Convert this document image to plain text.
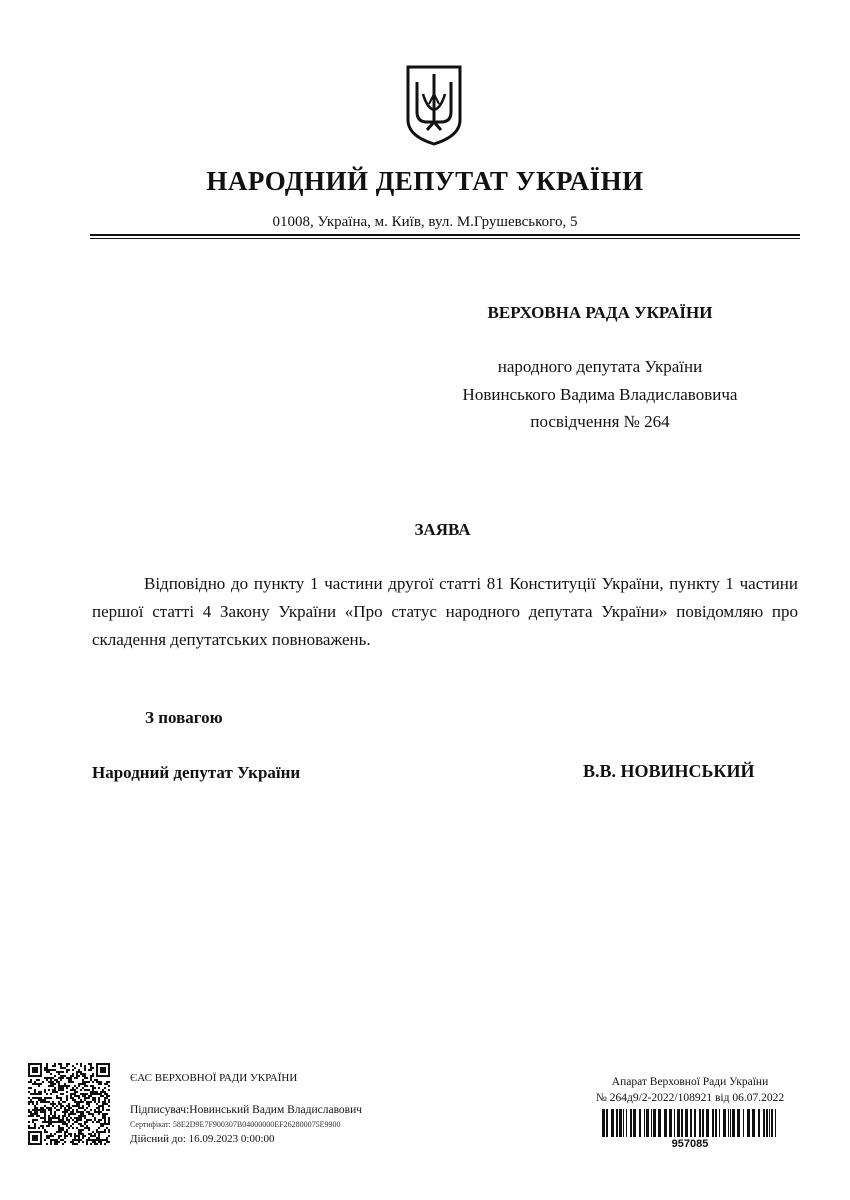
НАРОДНИЙ ДЕПУТАТ УКРАЇНИ
01008, Україна, м. Київ, вул. М.Грушевського, 5
ВЕРХОВНА РАДА УКРАЇНИ
народного депутата України
Новинського Вадима Владиславовича
посвідчення № 264
ЗАЯВА
Відповідно до пункту 1 частини другої статті 81 Конституції України, пункту 1 частини першої статті 4 Закону України «Про статус народного депутата України» повідомляю про складення депутатських повноважень.
З повагою
Народний депутат України	В.В. НОВИНСЬКИЙ
ЄАС ВЕРХОВНОЇ РАДИ УКРАЇНИ
Підписувач:Новинський Вадим Владиславович
Сертифікат: 58E2D9E7F900307B04000000EF262800075E9900
Дійсний до: 16.09.2023 0:00:00
Апарат Верховної Ради України
№ 264д9/2-2022/108921 від 06.07.2022
957085
